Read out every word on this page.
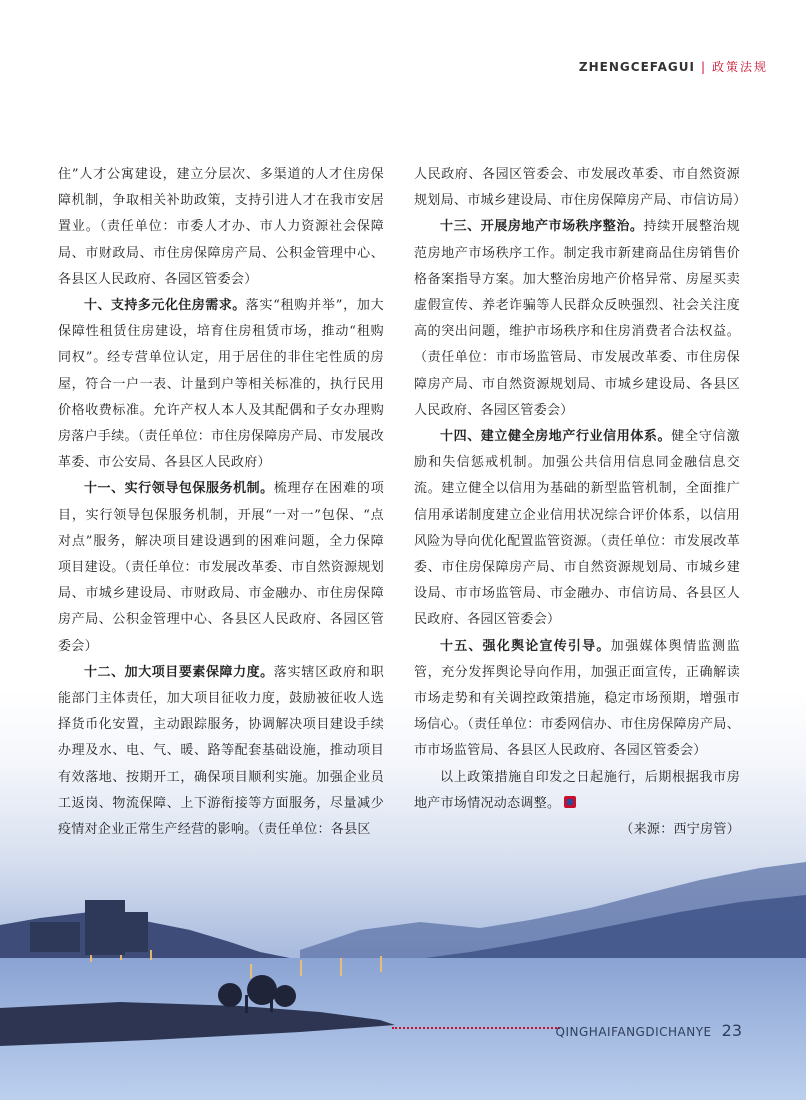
ZHENGCEFAGUI | 政策法规

住”人才公寓建设，建立分层次、多渠道的人才住房保障机制，争取相关补助政策，支持引进人才在我市安居置业。（责任单位：市委人才办、市人力资源社会保障局、市财政局、市住房保障房产局、公积金管理中心、各县区人民政府、各园区管委会）

十、支持多元化住房需求。落实“租购并举”，加大保障性租赁住房建设，培育住房租赁市场，推动“租购同权”。经专营单位认定，用于居住的非住宅性质的房屋，符合一户一表、计量到户等相关标准的，执行民用价格收费标准。允许产权人本人及其配偶和子女办理购房落户手续。（责任单位：市住房保障房产局、市发展改革委、市公安局、各县区人民政府）

十一、实行领导包保服务机制。梳理存在困难的项目，实行领导包保服务机制，开展“一对一”包保、“点对点”服务，解决项目建设遇到的困难问题，全力保障项目建设。（责任单位：市发展改革委、市自然资源规划局、市城乡建设局、市财政局、市金融办、市住房保障房产局、公积金管理中心、各县区人民政府、各园区管委会）

十二、加大项目要素保障力度。落实辖区政府和职能部门主体责任，加大项目征收力度，鼓励被征收人选择货币化安置，主动跟踪服务，协调解决项目建设手续办理及水、电、气、暖、路等配套基础设施，推动项目有效落地、按期开工，确保项目顺利实施。加强企业员工返岗、物流保障、上下游衔接等方面服务，尽量减少疫情对企业正常生产经营的影响。（责任单位：各县区

人民政府、各园区管委会、市发展改革委、市自然资源规划局、市城乡建设局、市住房保障房产局、市信访局）

十三、开展房地产市场秩序整治。持续开展整治规范房地产市场秩序工作。制定我市新建商品住房销售价格备案指导方案。加大整治房地产价格异常、房屋买卖虚假宣传、养老诈骗等人民群众反映强烈、社会关注度高的突出问题，维护市场秩序和住房消费者合法权益。（责任单位：市市场监管局、市发展改革委、市住房保障房产局、市自然资源规划局、市城乡建设局、各县区人民政府、各园区管委会）

十四、建立健全房地产行业信用体系。健全守信激励和失信惩戒机制。加强公共信用信息同金融信息交流。建立健全以信用为基础的新型监管机制，全面推广信用承诺制度建立企业信用状况综合评价体系，以信用风险为导向优化配置监管资源。（责任单位：市发展改革委、市住房保障房产局、市自然资源规划局、市城乡建设局、市市场监管局、市金融办、市信访局、各县区人民政府、各园区管委会）

十五、强化舆论宣传引导。加强媒体舆情监测监管，充分发挥舆论导向作用，加强正面宣传，正确解读市场走势和有关调控政策措施，稳定市场预期，增强市场信心。（责任单位：市委网信办、市住房保障房产局、市市场监管局、各县区人民政府、各园区管委会）

以上政策措施自印发之日起施行，后期根据我市房地产市场情况动态调整。

（来源：西宁房管）

QINGHAIFANGDICHANYE 23
